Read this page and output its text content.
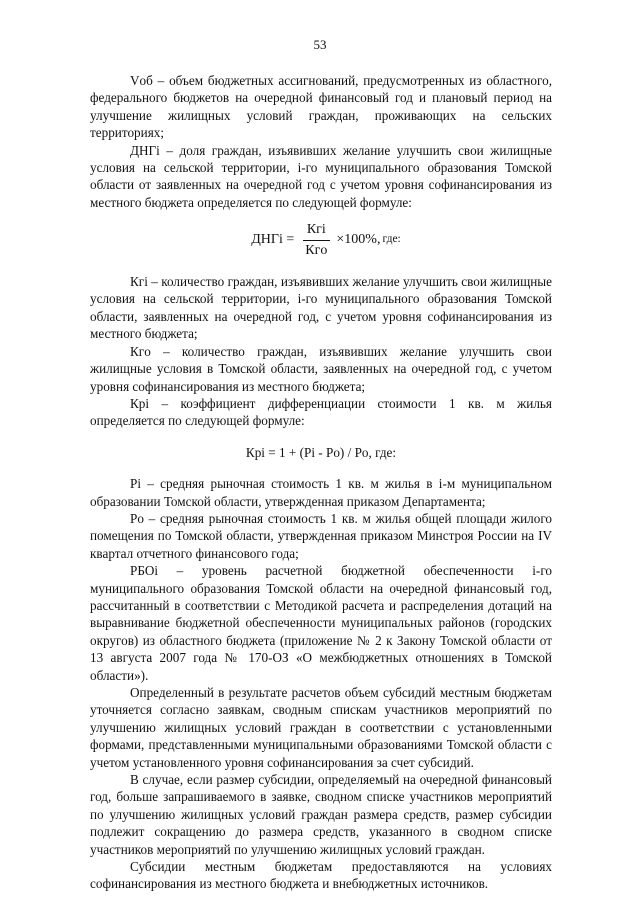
53

Vоб – объем бюджетных ассигнований, предусмотренных из областного, федерального бюджетов на очередной финансовый год и плановый период на улучшение жилищных условий граждан, проживающих на сельских территориях;

ДНГi – доля граждан, изъявивших желание улучшить свои жилищные условия на сельской территории, i-го муниципального образования Томской области от заявленных на очередной год с учетом уровня софинансирования из местного бюджета определяется по следующей формуле:

ДНГi = $\frac{\text{Кгi}}{\text{Кгo}} \times 100\%$, где:

Кгi – количество граждан, изъявивших желание улучшить свои жилищные условия на сельской территории, i-го муниципального образования Томской области, заявленных на очередной год, с учетом уровня софинансирования из местного бюджета;

Кгo – количество граждан, изъявивших желание улучшить свои жилищные условия в Томской области, заявленных на очередной год, с учетом уровня софинансирования из местного бюджета;

Кpi – коэффициент дифференциации стоимости 1 кв. м жилья определяется по следующей формуле:

Кpi = 1 + (Pi - Po) / Po, где:

Pi – средняя рыночная стоимость 1 кв. м жилья в i-м муниципальном образовании Томской области, утвержденная приказом Департамента;

Po – средняя рыночная стоимость 1 кв. м жилья общей площади жилого помещения по Томской области, утвержденная приказом Минстроя России на IV квартал отчетного финансового года;

РБОi – уровень расчетной бюджетной обеспеченности i-го муниципального образования Томской области на очередной финансовый год, рассчитанный в соответствии с Методикой расчета и распределения дотаций на выравнивание бюджетной обеспеченности муниципальных районов (городских округов) из областного бюджета (приложение № 2 к Закону Томской области от 13 августа 2007 года № 170-ОЗ «О межбюджетных отношениях в Томской области»).

Определенный в результате расчетов объем субсидий местным бюджетам уточняется согласно заявкам, сводным спискам участников мероприятий по улучшению жилищных условий граждан в соответствии с установленными формами, представленными муниципальными образованиями Томской области с учетом установленного уровня софинансирования за счет субсидий.

В случае, если размер субсидии, определяемый на очередной финансовый год, больше запрашиваемого в заявке, сводном списке участников мероприятий по улучшению жилищных условий граждан размера средств, размер субсидии подлежит сокращению до размера средств, указанного в сводном списке участников мероприятий по улучшению жилищных условий граждан.

Субсидии местным бюджетам предоставляются на условиях софинансирования из местного бюджета и внебюджетных источников.
